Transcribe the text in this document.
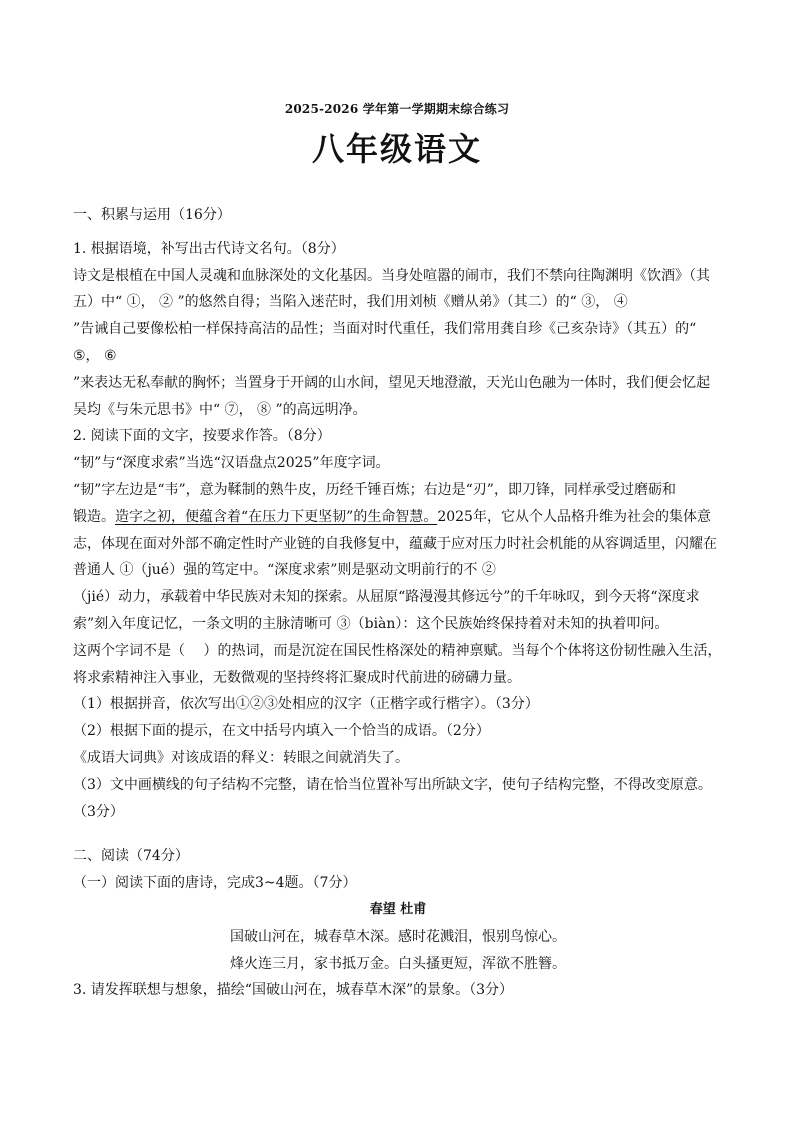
2025-2026 学年第一学期期末综合练习
八年级语文

一、积累与运用（16分）

1. 根据语境，补写出古代诗文名句。（8分）

诗文是根植在中国人灵魂和血脉深处的文化基因。当身处喧嚣的闹市，我们不禁向往陶渊明《饮酒》（其

五）中“ ①， ② ”的悠然自得；当陷入迷茫时，我们用刘桢《赠从弟》（其二）的“ ③， ④

”告诫自己要像松柏一样保持高洁的品性；当面对时代重任，我们常用龚自珍《己亥杂诗》（其五）的“

⑤， ⑥

”来表达无私奉献的胸怀；当置身于开阔的山水间，望见天地澄澈，天光山色融为一体时，我们便会忆起

吴均《与朱元思书》中“ ⑦， ⑧ ”的高远明净。

2. 阅读下面的文字，按要求作答。（8分）

“韧”与“深度求索”当选“汉语盘点2025”年度字词。

“韧”字左边是“韦”，意为鞣制的熟牛皮，历经千锤百炼；右边是“刃”，即刀锋，同样承受过磨砺和

锻造。造字之初，便蕴含着“在压力下更坚韧”的生命智慧。2025年，它从个人品格升维为社会的集体意

志，体现在面对外部不确定性时产业链的自我修复中，蕴藏于应对压力时社会机能的从容调适里，闪耀在

普通人 ①（jué）强的笃定中。“深度求索”则是驱动文明前行的不 ②

（jié）动力，承载着中华民族对未知的探索。从屈原“路漫漫其修远兮”的千年咏叹，到今天将“深度求

索”刻入年度记忆，一条文明的主脉清晰可 ③（biàn）：这个民族始终保持着对未知的执着叩问。

这两个字词不是（　 ）的热词，而是沉淀在国民性格深处的精神禀赋。当每个个体将这份韧性融入生活，

将求索精神注入事业，无数微观的坚持终将汇聚成时代前进的磅礴力量。

（1）根据拼音，依次写出①②③处相应的汉字（正楷字或行楷字）。（3分）

（2）根据下面的提示，在文中括号内填入一个恰当的成语。（2分）

《成语大词典》对该成语的释义：转眼之间就消失了。

（3）文中画横线的句子结构不完整，请在恰当位置补写出所缺文字，使句子结构完整，不得改变原意。

（3分）

二、阅读（74分）

（一）阅读下面的唐诗，完成3~4题。（7分）

春望 杜甫

国破山河在，城春草木深。感时花溅泪，恨别鸟惊心。

烽火连三月，家书抵万金。白头搔更短，浑欲不胜簪。

3. 请发挥联想与想象，描绘“国破山河在，城春草木深”的景象。（3分）
